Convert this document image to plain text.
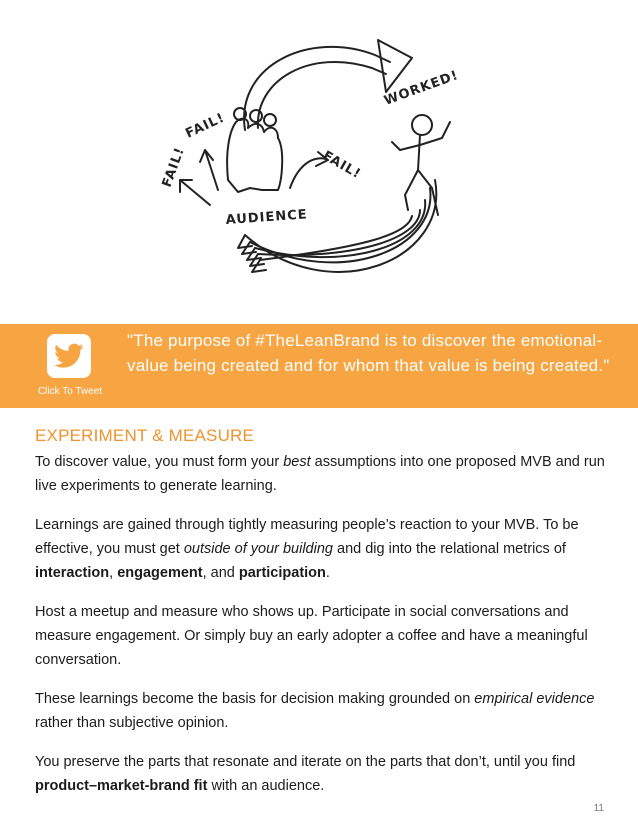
WORKED!
FAIL!
FAIL!	FAIL!
AUDIENCE
Click To Tweet

"The purpose of #TheLeanBrand is to discover the emotional-value being created and for whom that value is being created."

EXPERIMENT & MEASURE

To discover value, you must form your best assumptions into one proposed MVB and run live experiments to generate learning.

Learnings are gained through tightly measuring people’s reaction to your MVB. To be effective, you must get outside of your building and dig into the relational metrics of interaction, engagement, and participation.

Host a meetup and measure who shows up. Participate in social conversations and measure engagement. Or simply buy an early adopter a coffee and have a meaningful conversation.

These learnings become the basis for decision making grounded on empirical evidence rather than subjective opinion.

You preserve the parts that resonate and iterate on the parts that don’t, until you find product–market-brand fit with an audience.

11
